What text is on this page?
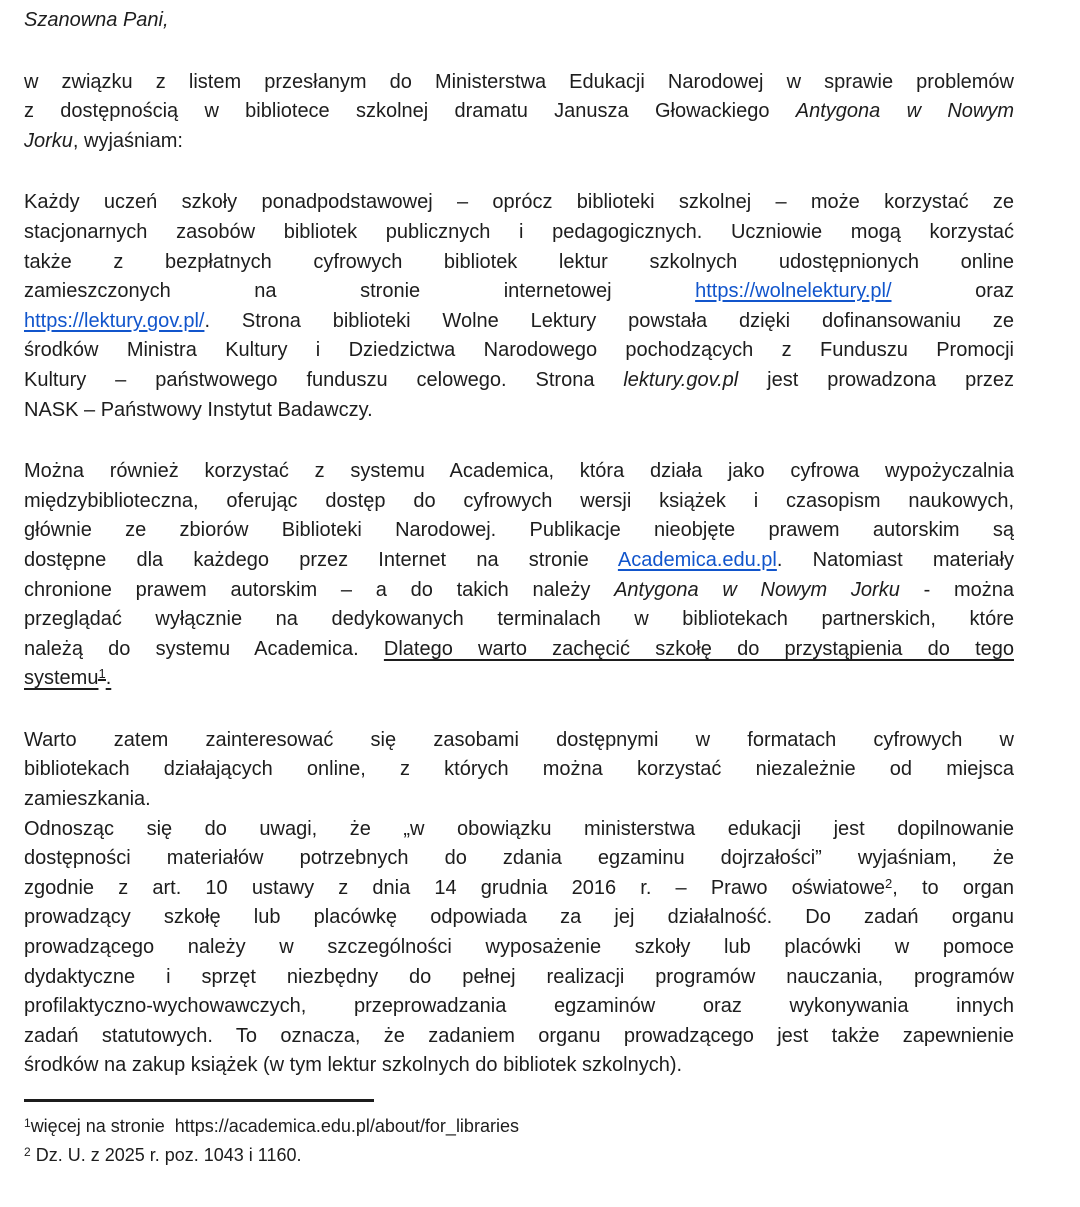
Szanowna Pani,
w związku z listem przesłanym do Ministerstwa Edukacji Narodowej w sprawie problemów
z dostępnością w bibliotece szkolnej dramatu Janusza Głowackiego Antygona w Nowym
Jorku, wyjaśniam:
Każdy uczeń szkoły ponadpodstawowej – oprócz biblioteki szkolnej – może korzystać ze
stacjonarnych zasobów bibliotek publicznych i pedagogicznych. Uczniowie mogą korzystać
także z bezpłatnych cyfrowych bibliotek lektur szkolnych udostępnionych online
zamieszczonych na stronie internetowej https://wolnelektury.pl/ oraz
https://lektury.gov.pl/. Strona biblioteki Wolne Lektury powstała dzięki dofinansowaniu ze
środków Ministra Kultury i Dziedzictwa Narodowego pochodzących z Funduszu Promocji
Kultury – państwowego funduszu celowego. Strona lektury.gov.pl jest prowadzona przez
NASK – Państwowy Instytut Badawczy.
Można również korzystać z systemu Academica, która działa jako cyfrowa wypożyczalnia
międzybiblioteczna, oferując dostęp do cyfrowych wersji książek i czasopism naukowych,
głównie ze zbiorów Biblioteki Narodowej. Publikacje nieobjęte prawem autorskim są
dostępne dla każdego przez Internet na stronie Academica.edu.pl. Natomiast materiały
chronione prawem autorskim – a do takich należy Antygona w Nowym Jorku - można
przeglądać wyłącznie na dedykowanych terminalach w bibliotekach partnerskich, które
należą do systemu Academica. Dlatego warto zachęcić szkołę do przystąpienia do tego
systemu1.
Warto zatem zainteresować się zasobami dostępnymi w formatach cyfrowych w
bibliotekach działających online, z których można korzystać niezależnie od miejsca
zamieszkania.
Odnosząc się do uwagi, że „w obowiązku ministerstwa edukacji jest dopilnowanie
dostępności materiałów potrzebnych do zdania egzaminu dojrzałości” wyjaśniam, że
zgodnie z art. 10 ustawy z dnia 14 grudnia 2016 r. – Prawo oświatowe2, to organ
prowadzący szkołę lub placówkę odpowiada za jej działalność. Do zadań organu
prowadzącego należy w szczególności wyposażenie szkoły lub placówki w pomoce
dydaktyczne i sprzęt niezbędny do pełnej realizacji programów nauczania, programów
profilaktyczno-wychowawczych, przeprowadzania egzaminów oraz wykonywania innych
zadań statutowych. To oznacza, że zadaniem organu prowadzącego jest także zapewnienie
środków na zakup książek (w tym lektur szkolnych do bibliotek szkolnych).
1więcej na stronie  https://academica.edu.pl/about/for_libraries
2 Dz. U. z 2025 r. poz. 1043 i 1160.
